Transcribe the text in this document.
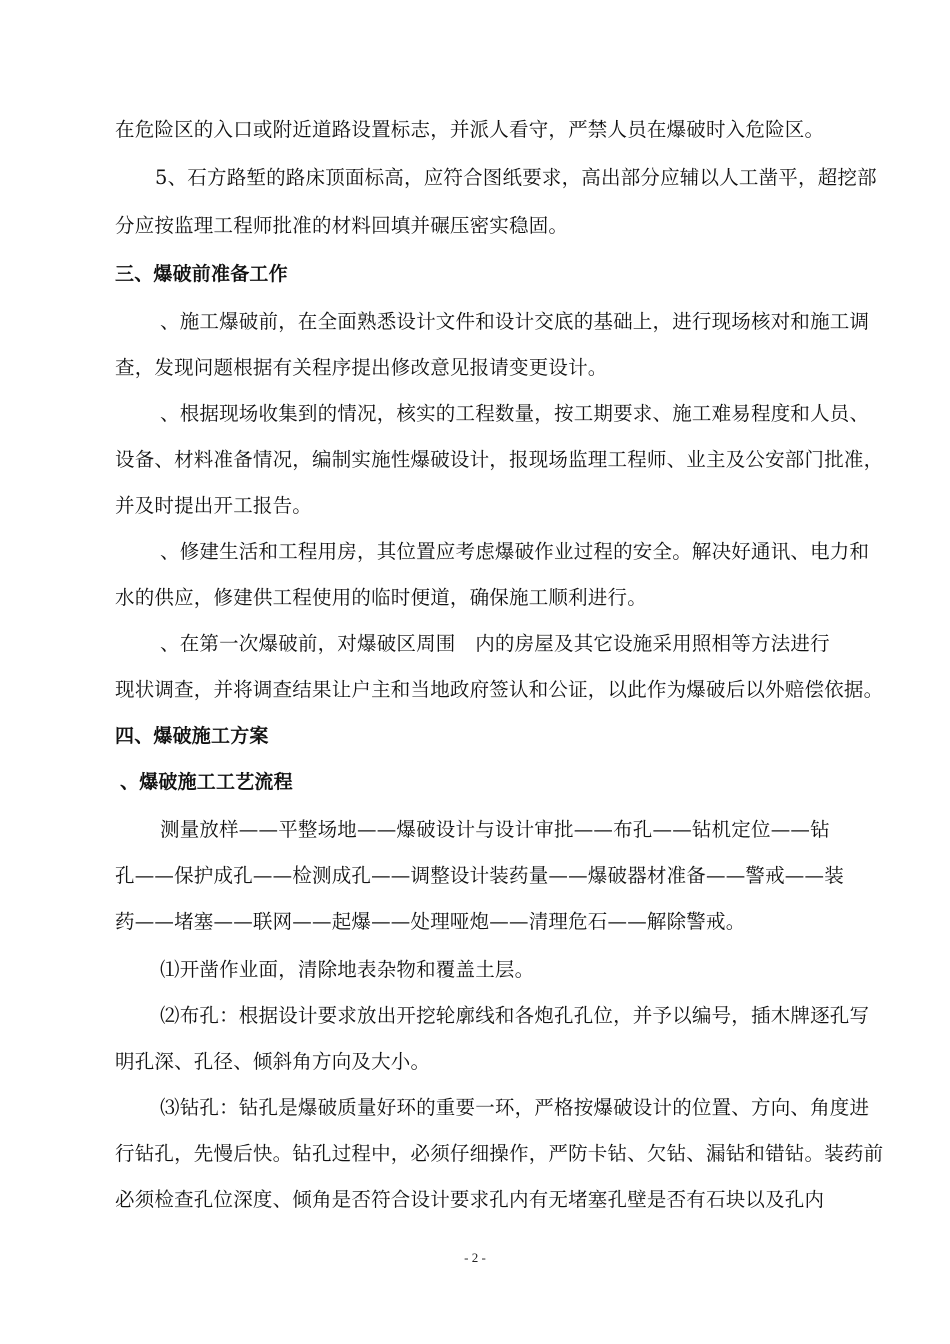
在危险区的入口或附近道路设置标志，并派人看守，严禁人员在爆破时入危险区。
5、石方路堑的路床顶面标高，应符合图纸要求，高出部分应辅以人工凿平，超挖部
分应按监理工程师批准的材料回填并碾压密实稳固。
三、爆破前准备工作
、施工爆破前，在全面熟悉设计文件和设计交底的基础上，进行现场核对和施工调
查，发现问题根据有关程序提出修改意见报请变更设计。
、根据现场收集到的情况，核实的工程数量，按工期要求、施工难易程度和人员、
设备、材料准备情况，编制实施性爆破设计，报现场监理工程师、业主及公安部门批准，
并及时提出开工报告。
、修建生活和工程用房，其位置应考虑爆破作业过程的安全。解决好通讯、电力和
水的供应，修建供工程使用的临时便道，确保施工顺利进行。
、在第一次爆破前，对爆破区周围　内的房屋及其它设施采用照相等方法进行
现状调查，并将调查结果让户主和当地政府签认和公证，以此作为爆破后以外赔偿依据。
四、爆破施工方案
、爆破施工工艺流程
测量放样——平整场地——爆破设计与设计审批——布孔——钻机定位——钻
孔——保护成孔——检测成孔——调整设计装药量——爆破器材准备——警戒——装
药——堵塞——联网——起爆——处理哑炮——清理危石——解除警戒。
⑴开凿作业面，清除地表杂物和覆盖土层。
⑵布孔：根据设计要求放出开挖轮廓线和各炮孔孔位，并予以编号，插木牌逐孔写
明孔深、孔径、倾斜角方向及大小。
⑶钻孔：钻孔是爆破质量好环的重要一环，严格按爆破设计的位置、方向、角度进
行钻孔，先慢后快。钻孔过程中，必须仔细操作，严防卡钻、欠钻、漏钻和错钻。装药前
必须检查孔位深度、倾角是否符合设计要求孔内有无堵塞孔壁是否有石块以及孔内
- 2 -
